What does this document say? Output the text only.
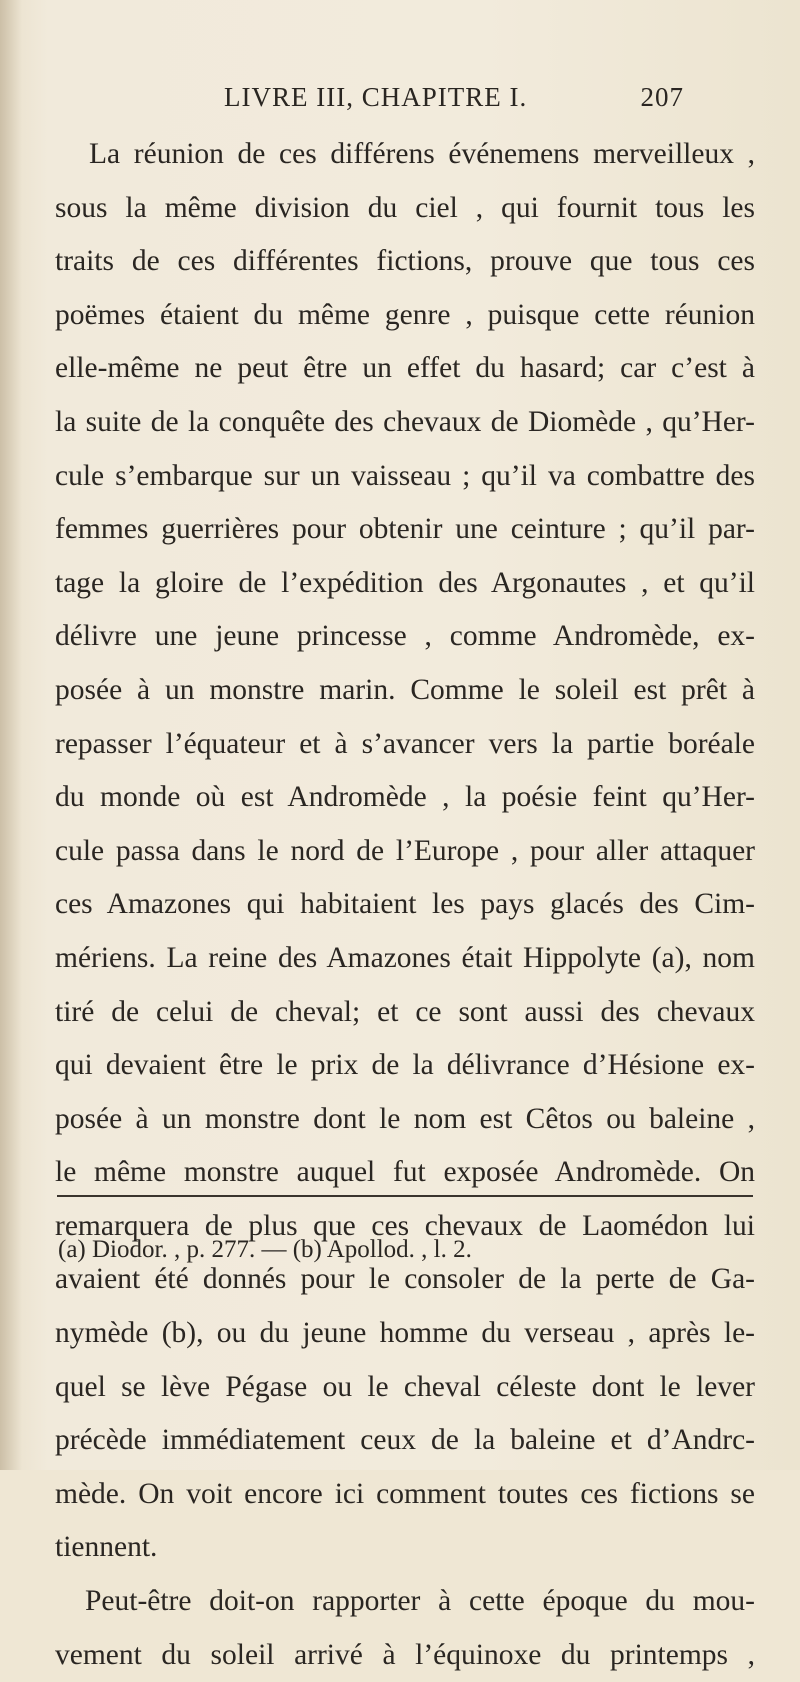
LIVRE III, CHAPITRE I.	207
La réunion de ces différens événemens merveilleux ,
sous la même division du ciel , qui fournit tous les
traits de ces différentes fictions, prouve que tous ces
poëmes étaient du même genre , puisque cette réunion
elle-même ne peut être un effet du hasard; car c’est à
la suite de la conquête des chevaux de Diomède , qu’Her-
cule s’embarque sur un vaisseau ; qu’il va combattre des
femmes guerrières pour obtenir une ceinture ; qu’il par-
tage la gloire de l’expédition des Argonautes , et qu’il
délivre une jeune princesse , comme Andromède, ex-
posée à un monstre marin. Comme le soleil est prêt à
repasser l’équateur et à s’avancer vers la partie boréale
du monde où est Andromède , la poésie feint qu’Her-
cule passa dans le nord de l’Europe , pour aller attaquer
ces Amazones qui habitaient les pays glacés des Cim-
mériens. La reine des Amazones était Hippolyte (a), nom
tiré de celui de cheval; et ce sont aussi des chevaux
qui devaient être le prix de la délivrance d’Hésione ex-
posée à un monstre dont le nom est Cêtos ou baleine ,
le même monstre auquel fut exposée Andromède. On
remarquera de plus que ces chevaux de Laomédon lui
avaient été donnés pour le consoler de la perte de Ga-
nymède (b), ou du jeune homme du verseau , après le-
quel se lève Pégase ou le cheval céleste dont le lever
précède immédiatement ceux de la baleine et d’Andrc-
mède. On voit encore ici comment toutes ces fictions se
tiennent.
Peut-être doit-on rapporter à cette époque du mou-
vement du soleil arrivé à l’équinoxe du printemps ,
(a) Diodor. , p. 277. — (b) Apollod. , l. 2.
